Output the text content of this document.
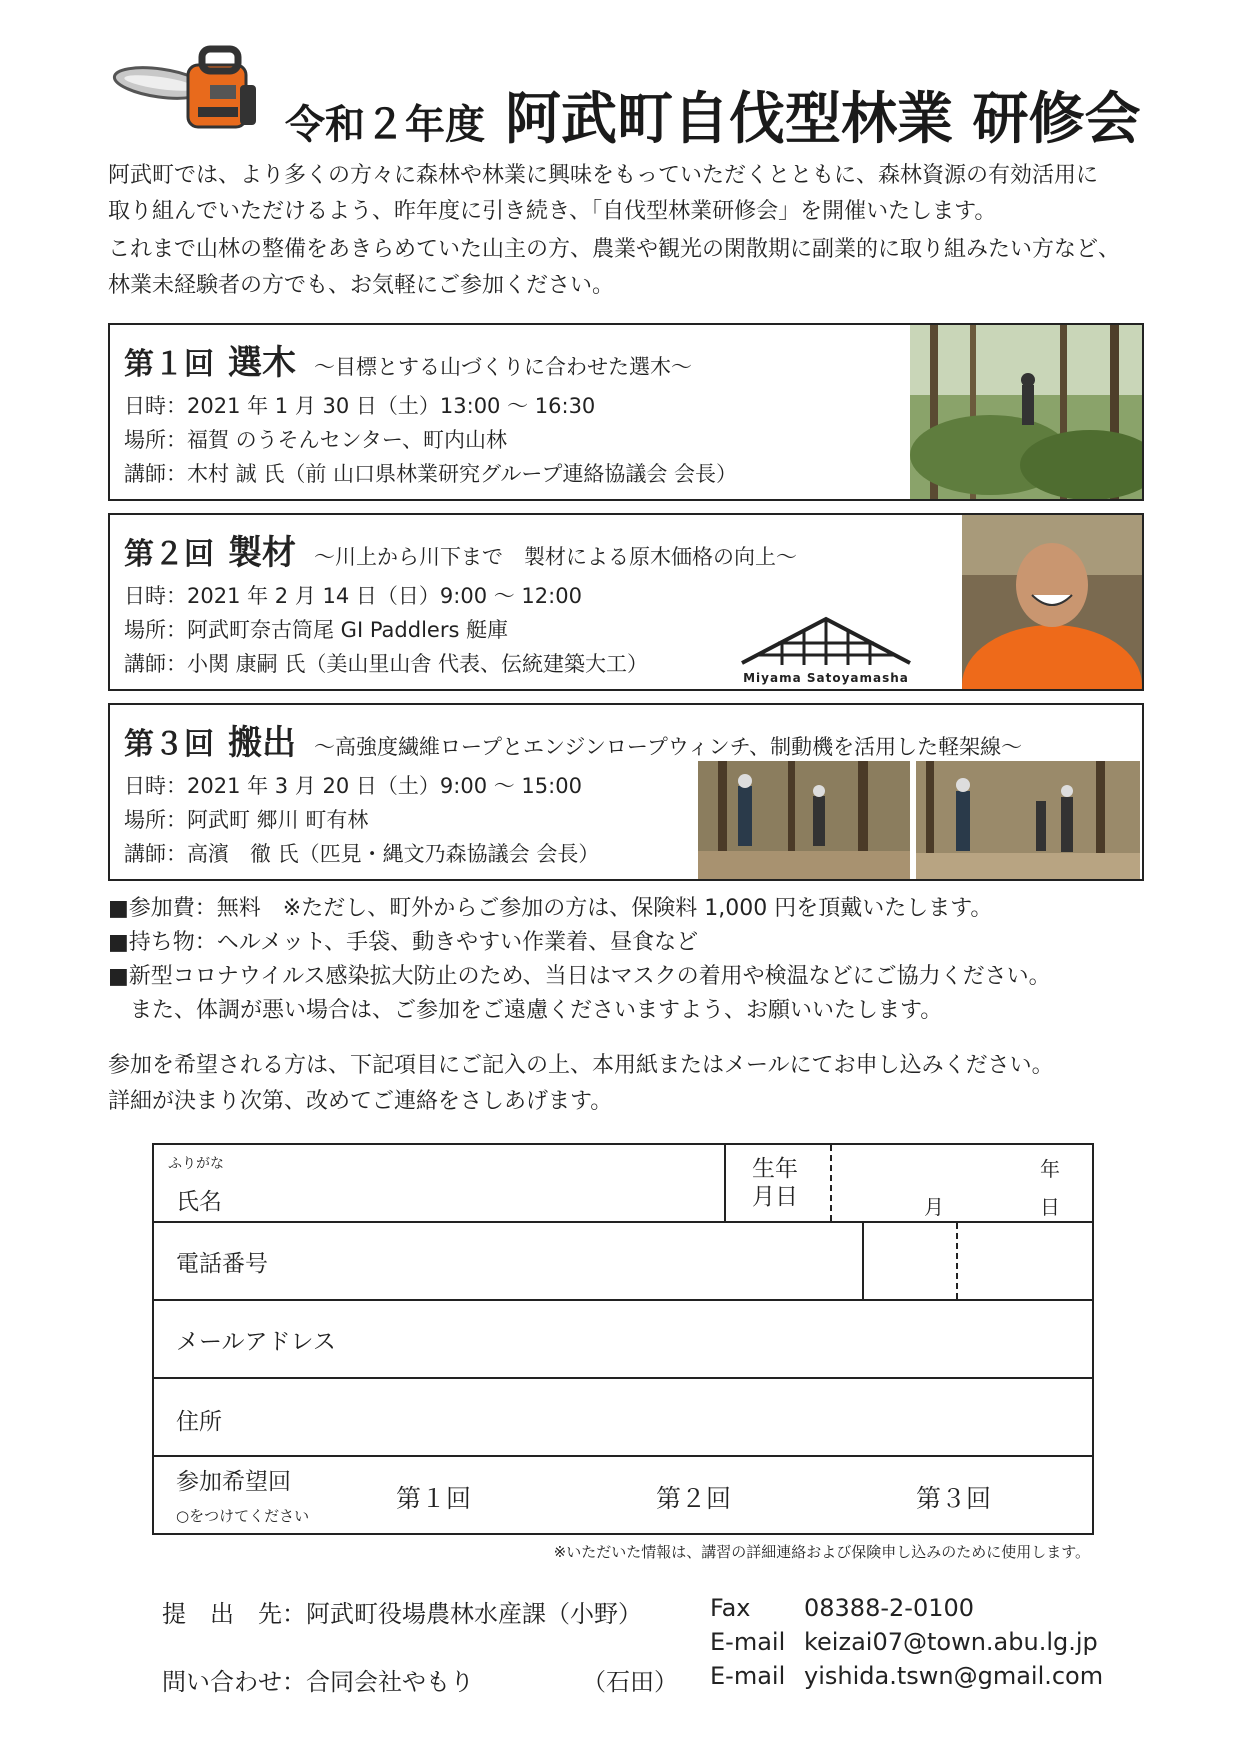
令和２年度 阿武町自伐型林業 研修会
阿武町では、より多くの方々に森林や林業に興味をもっていただくとともに、森林資源の有効活用に
取り組んでいただけるよう、昨年度に引き続き、「自伐型林業研修会」を開催いたします。
これまで山林の整備をあきらめていた山主の方、農業や観光の閑散期に副業的に取り組みたい方など、
林業未経験者の方でも、お気軽にご参加ください。
第１回 選木 ～目標とする山づくりに合わせた選木～
日時：2021 年 1 月 30 日（土）13:00 ～ 16:30
場所：福賀 のうそんセンター、町内山林
講師：木村 誠 氏（前 山口県林業研究グループ連絡協議会 会長）
第２回 製材 ～川上から川下まで　製材による原木価格の向上～
日時：2021 年 2 月 14 日（日）9:00 ～ 12:00
場所：阿武町奈古筒尾 GI Paddlers 艇庫
講師：小関 康嗣 氏（美山里山舎 代表、伝統建築大工）
Miyama Satoyamasha
第３回 搬出 ～高強度繊維ロープとエンジンロープウィンチ、制動機を活用した軽架線～
日時：2021 年 3 月 20 日（土）9:00 ～ 15:00
場所：阿武町 郷川 町有林
講師：高濱　徹 氏（匹見・縄文乃森協議会 会長）
■参加費：無料　※ただし、町外からご参加の方は、保険料 1,000 円を頂戴いたします。
■持ち物：ヘルメット、手袋、動きやすい作業着、昼食など
■新型コロナウイルス感染拡大防止のため、当日はマスクの着用や検温などにご協力ください。
　また、体調が悪い場合は、ご参加をご遠慮くださいますよう、お願いいたします。
参加を希望される方は、下記項目にご記入の上、本用紙またはメールにてお申し込みください。
詳細が決まり次第、改めてご連絡をさしあげます。
ふりがな
氏名
生年
月日
年
月	日
電話番号
メールアドレス
住所
参加希望回
○をつけてください
第１回	第２回	第３回
※いただいた情報は、講習の詳細連絡および保険申し込みのために使用します。
提　出　先：阿武町役場農林水産課（小野）
問い合わせ：合同会社やもり　　　　　（石田）
Fax 08388-2-0100
E-mail keizai07@town.abu.lg.jp
E-mail yishida.tswn@gmail.com
